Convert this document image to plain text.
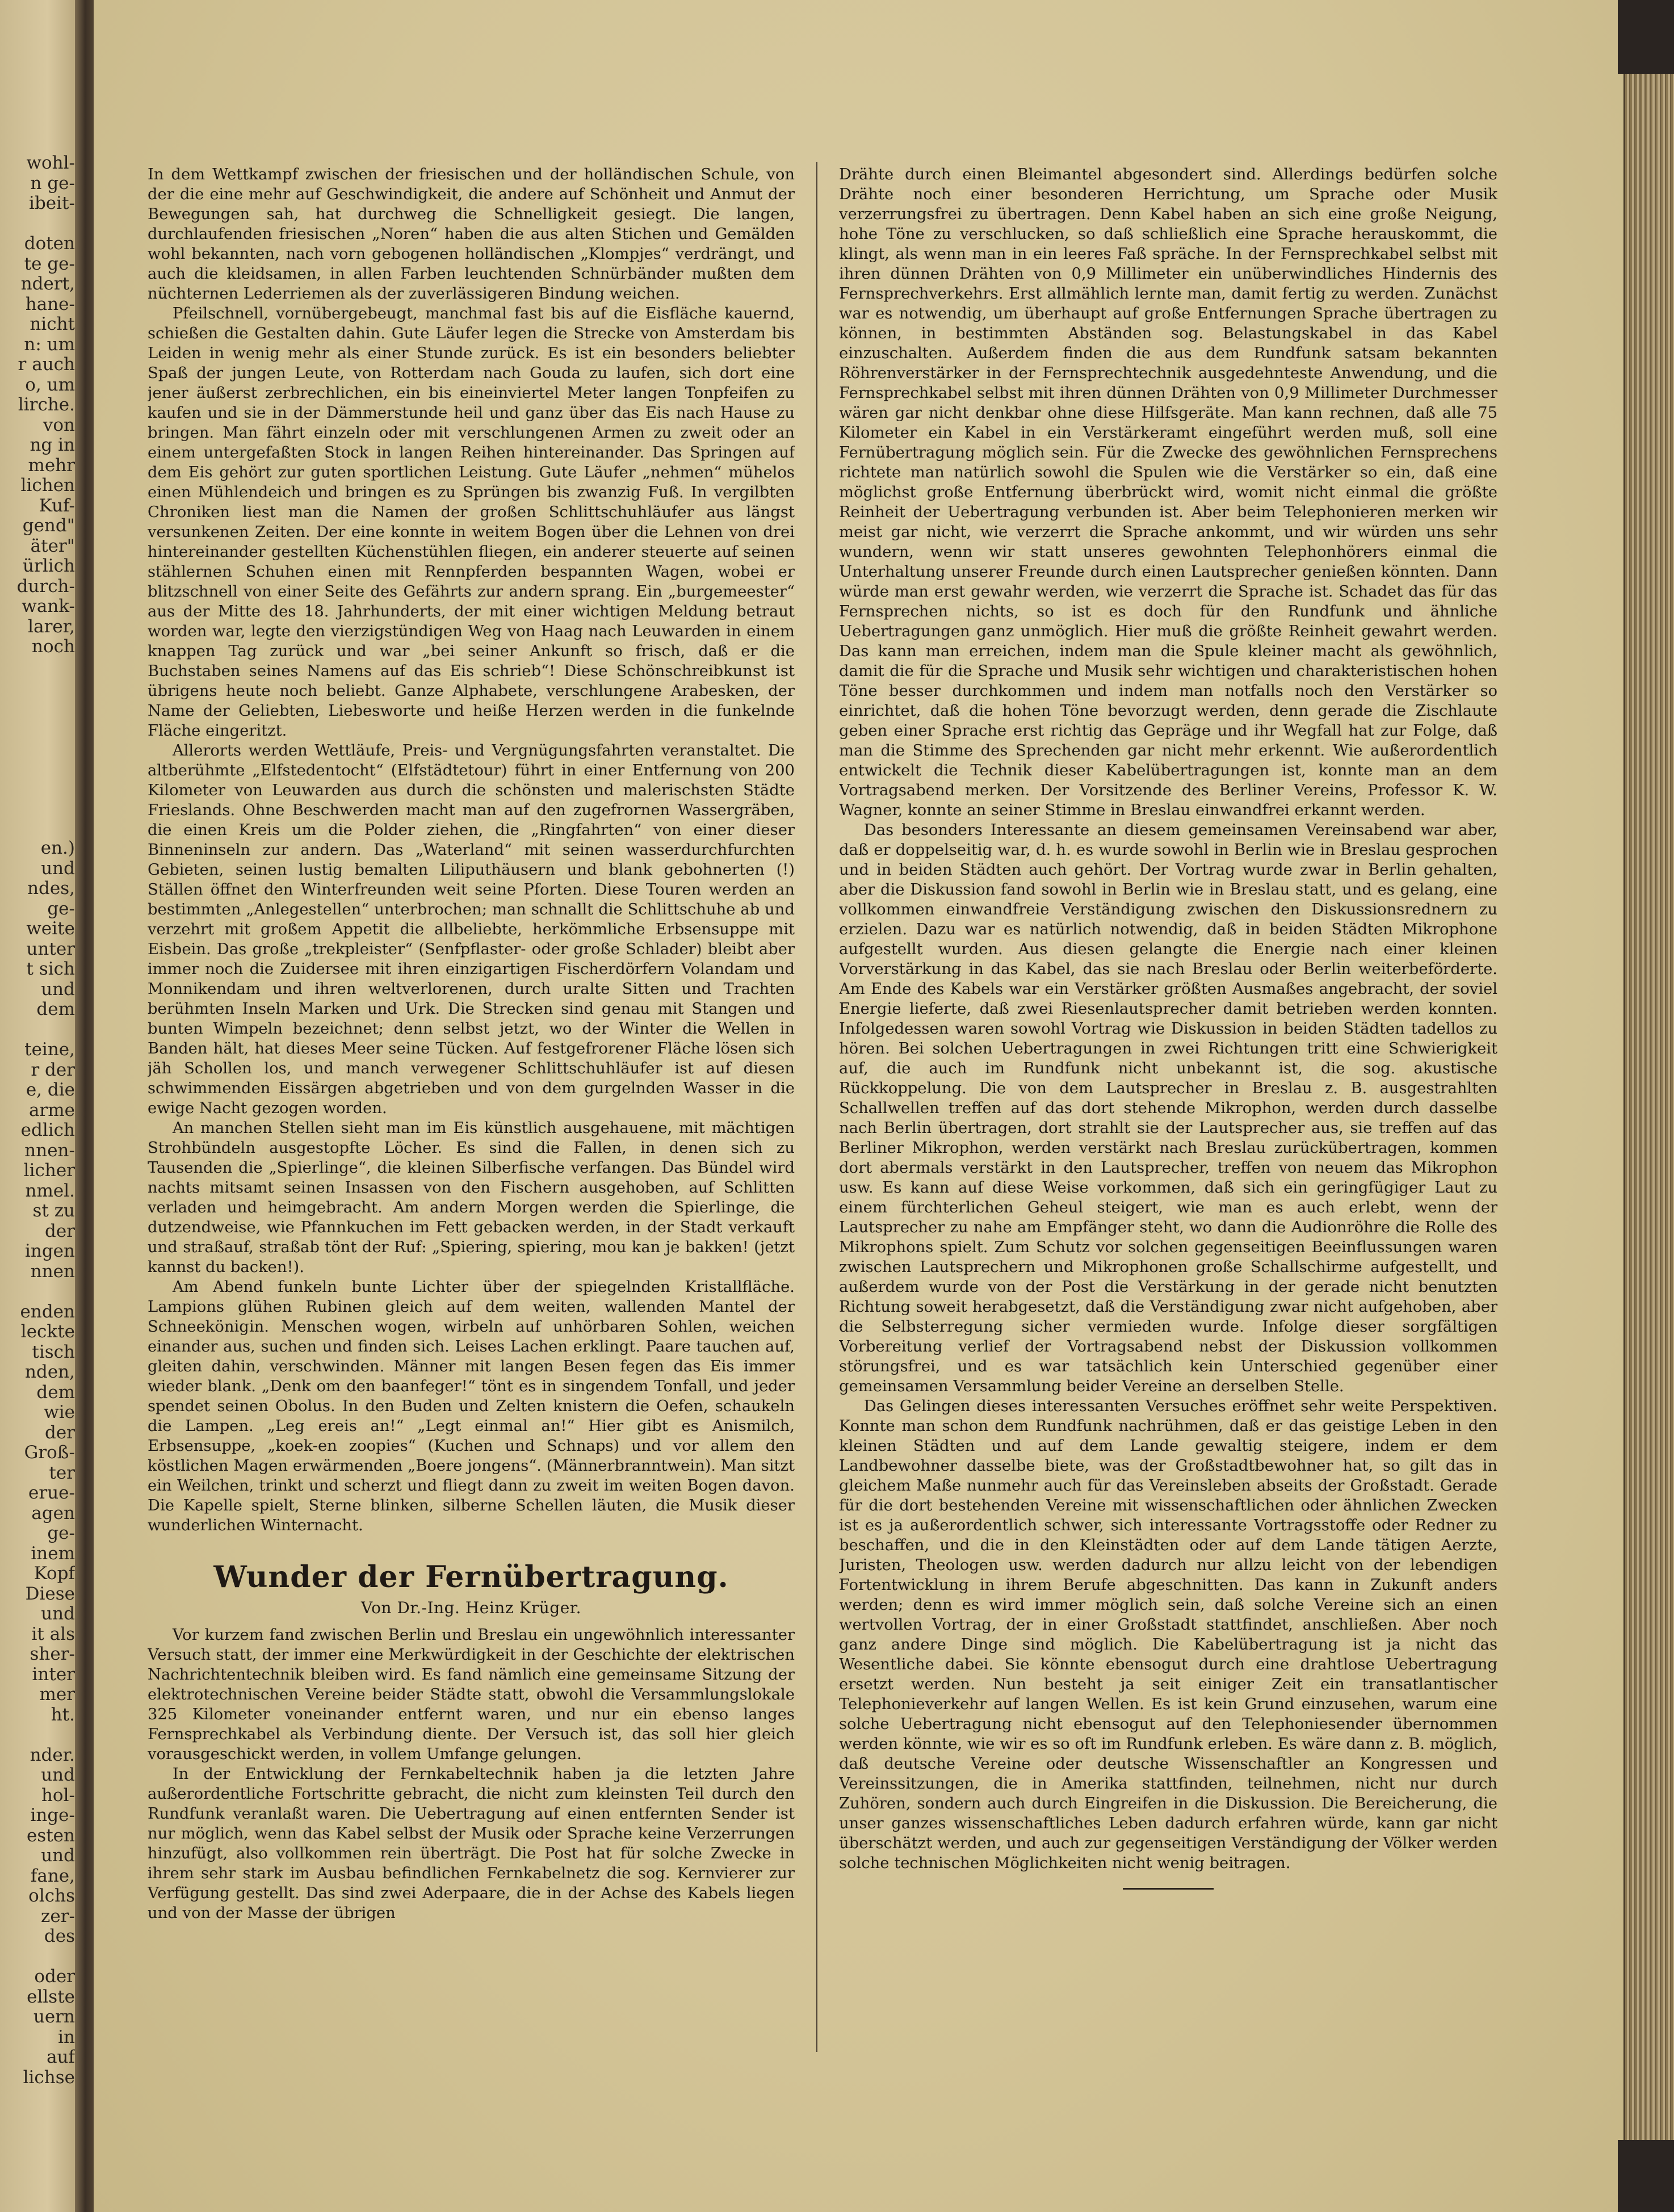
wohl-
n ge-
ibeit-

doten
te ge-
ndert,
hane-
nicht
n: um
r auch
o, um
lirche.
von
ng in
mehr
lichen
Kuf-
gend"
äter"
ürlich
durch-
wank-
larer,
noch

en.)
und
ndes,
ge-
weite
unter
t sich
und
dem

teine,
r der
e, die
arme
edlich
nnen-
licher
nmel.
st zu
der
ingen
nnen

enden
leckte
tisch
nden,
dem
wie
der
Groß-
ter
erue-
agen
ge-
inem
Kopf
Diese
und
it als
sher-
inter
mer
ht.

nder.
und
hol-
inge-
esten
und
fane,
olchs
zer-
des

oder
ellste
uern
in
auf
lichse

In dem Wettkampf zwischen der friesischen und der holländischen Schule, von der die eine mehr auf Geschwindigkeit, die andere auf Schönheit und Anmut der Bewegungen sah, hat durchweg die Schnelligkeit gesiegt. Die langen, durchlaufenden friesischen „Noren“ haben die aus alten Stichen und Gemälden wohl bekannten, nach vorn gebogenen holländischen „Klompjes“ verdrängt, und auch die kleidsamen, in allen Farben leuchtenden Schnürbänder mußten dem nüchternen Lederriemen als der zuverlässigeren Bindung weichen.

Pfeilschnell, vornübergebeugt, manchmal fast bis auf die Eisfläche kauernd, schießen die Gestalten dahin. Gute Läufer legen die Strecke von Amsterdam bis Leiden in wenig mehr als einer Stunde zurück. Es ist ein besonders beliebter Spaß der jungen Leute, von Rotterdam nach Gouda zu laufen, sich dort eine jener äußerst zerbrechlichen, ein bis eineinviertel Meter langen Tonpfeifen zu kaufen und sie in der Dämmerstunde heil und ganz über das Eis nach Hause zu bringen. Man fährt einzeln oder mit verschlungenen Armen zu zweit oder an einem untergefaßten Stock in langen Reihen hintereinander. Das Springen auf dem Eis gehört zur guten sportlichen Leistung. Gute Läufer „nehmen“ mühelos einen Mühlendeich und bringen es zu Sprüngen bis zwanzig Fuß. In vergilbten Chroniken liest man die Namen der großen Schlittschuhläufer aus längst versunkenen Zeiten. Der eine konnte in weitem Bogen über die Lehnen von drei hintereinander gestellten Küchenstühlen fliegen, ein anderer steuerte auf seinen stählernen Schuhen einen mit Rennpferden bespannten Wagen, wobei er blitzschnell von einer Seite des Gefährts zur andern sprang. Ein „burgemeester“ aus der Mitte des 18. Jahrhunderts, der mit einer wichtigen Meldung betraut worden war, legte den vierzigstündigen Weg von Haag nach Leuwarden in einem knappen Tag zurück und war „bei seiner Ankunft so frisch, daß er die Buchstaben seines Namens auf das Eis schrieb“! Diese Schönschreibkunst ist übrigens heute noch beliebt. Ganze Alphabete, verschlungene Arabesken, der Name der Geliebten, Liebesworte und heiße Herzen werden in die funkelnde Fläche eingeritzt.

Allerorts werden Wettläufe, Preis- und Vergnügungsfahrten veranstaltet. Die altberühmte „Elfstedentocht“ (Elfstädtetour) führt in einer Entfernung von 200 Kilometer von Leuwarden aus durch die schönsten und malerischsten Städte Frieslands. Ohne Beschwerden macht man auf den zugefrornen Wassergräben, die einen Kreis um die Polder ziehen, die „Ringfahrten“ von einer dieser Binneninseln zur andern. Das „Waterland“ mit seinen wasserdurchfurchten Gebieten, seinen lustig bemalten Liliputhäusern und blank gebohnerten (!) Ställen öffnet den Winterfreunden weit seine Pforten. Diese Touren werden an bestimmten „Anlegestellen“ unterbrochen; man schnallt die Schlittschuhe ab und verzehrt mit großem Appetit die allbeliebte, herkömmliche Erbsensuppe mit Eisbein. Das große „trekpleister“ (Senfpflaster- oder große Schlader) bleibt aber immer noch die Zuidersee mit ihren einzigartigen Fischerdörfern Volandam und Monnikendam und ihren weltverlorenen, durch uralte Sitten und Trachten berühmten Inseln Marken und Urk. Die Strecken sind genau mit Stangen und bunten Wimpeln bezeichnet; denn selbst jetzt, wo der Winter die Wellen in Banden hält, hat dieses Meer seine Tücken. Auf festgefrorener Fläche lösen sich jäh Schollen los, und manch verwegener Schlittschuhläufer ist auf diesen schwimmenden Eissärgen abgetrieben und von dem gurgelnden Wasser in die ewige Nacht gezogen worden.

An manchen Stellen sieht man im Eis künstlich ausgehauene, mit mächtigen Strohbündeln ausgestopfte Löcher. Es sind die Fallen, in denen sich zu Tausenden die „Spierlinge“, die kleinen Silberfische verfangen. Das Bündel wird nachts mitsamt seinen Insassen von den Fischern ausgehoben, auf Schlitten verladen und heimgebracht. Am andern Morgen werden die Spierlinge, die dutzendweise, wie Pfannkuchen im Fett gebacken werden, in der Stadt verkauft und straßauf, straßab tönt der Ruf: „Spiering, spiering, mou kan je bakken! (jetzt kannst du backen!).

Am Abend funkeln bunte Lichter über der spiegelnden Kristallfläche. Lampions glühen Rubinen gleich auf dem weiten, wallenden Mantel der Schneekönigin. Menschen wogen, wirbeln auf unhörbaren Sohlen, weichen einander aus, suchen und finden sich. Leises Lachen erklingt. Paare tauchen auf, gleiten dahin, verschwinden. Männer mit langen Besen fegen das Eis immer wieder blank. „Denk om den baanfeger!“ tönt es in singendem Tonfall, und jeder spendet seinen Obolus. In den Buden und Zelten knistern die Oefen, schaukeln die Lampen. „Leg ereis an!“ „Legt einmal an!“ Hier gibt es Anismilch, Erbsensuppe, „koek-en zoopies“ (Kuchen und Schnaps) und vor allem den köstlichen Magen erwärmenden „Boere jongens“. (Männerbranntwein). Man sitzt ein Weilchen, trinkt und scherzt und fliegt dann zu zweit im weiten Bogen davon. Die Kapelle spielt, Sterne blinken, silberne Schellen läuten, die Musik dieser wunderlichen Winternacht.

Wunder der Fernübertragung.

Von Dr.-Ing. Heinz Krüger.

Vor kurzem fand zwischen Berlin und Breslau ein ungewöhnlich interessanter Versuch statt, der immer eine Merkwürdigkeit in der Geschichte der elektrischen Nachrichtentechnik bleiben wird. Es fand nämlich eine gemeinsame Sitzung der elektrotechnischen Vereine beider Städte statt, obwohl die Versammlungslokale 325 Kilometer voneinander entfernt waren, und nur ein ebenso langes Fernsprechkabel als Verbindung diente. Der Versuch ist, das soll hier gleich vorausgeschickt werden, in vollem Umfange gelungen.

In der Entwicklung der Fernkabeltechnik haben ja die letzten Jahre außerordentliche Fortschritte gebracht, die nicht zum kleinsten Teil durch den Rundfunk veranlaßt waren. Die Uebertragung auf einen entfernten Sender ist nur möglich, wenn das Kabel selbst der Musik oder Sprache keine Verzerrungen hinzufügt, also vollkommen rein überträgt. Die Post hat für solche Zwecke in ihrem sehr stark im Ausbau befindlichen Fernkabelnetz die sog. Kernvierer zur Verfügung gestellt. Das sind zwei Aderpaare, die in der Achse des Kabels liegen und von der Masse der übrigen

Drähte durch einen Bleimantel abgesondert sind. Allerdings bedürfen solche Drähte noch einer besonderen Herrichtung, um Sprache oder Musik verzerrungsfrei zu übertragen. Denn Kabel haben an sich eine große Neigung, hohe Töne zu verschlucken, so daß schließlich eine Sprache herauskommt, die klingt, als wenn man in ein leeres Faß spräche. In der Fernsprechkabel selbst mit ihren dünnen Drähten von 0,9 Millimeter ein unüberwindliches Hindernis des Fernsprechverkehrs. Erst allmählich lernte man, damit fertig zu werden. Zunächst war es notwendig, um überhaupt auf große Entfernungen Sprache übertragen zu können, in bestimmten Abständen sog. Belastungskabel in das Kabel einzuschalten. Außerdem finden die aus dem Rundfunk satsam bekannten Röhrenverstärker in der Fernsprechtechnik ausgedehnteste Anwendung, und die Fernsprechkabel selbst mit ihren dünnen Drähten von 0,9 Millimeter Durchmesser wären gar nicht denkbar ohne diese Hilfsgeräte. Man kann rechnen, daß alle 75 Kilometer ein Kabel in ein Verstärkeramt eingeführt werden muß, soll eine Fernübertragung möglich sein. Für die Zwecke des gewöhnlichen Fernsprechens richtete man natürlich sowohl die Spulen wie die Verstärker so ein, daß eine möglichst große Entfernung überbrückt wird, womit nicht einmal die größte Reinheit der Uebertragung verbunden ist. Aber beim Telephonieren merken wir meist gar nicht, wie verzerrt die Sprache ankommt, und wir würden uns sehr wundern, wenn wir statt unseres gewohnten Telephonhörers einmal die Unterhaltung unserer Freunde durch einen Lautsprecher genießen könnten. Dann würde man erst gewahr werden, wie verzerrt die Sprache ist. Schadet das für das Fernsprechen nichts, so ist es doch für den Rundfunk und ähnliche Uebertragungen ganz unmöglich. Hier muß die größte Reinheit gewahrt werden. Das kann man erreichen, indem man die Spule kleiner macht als gewöhnlich, damit die für die Sprache und Musik sehr wichtigen und charakteristischen hohen Töne besser durchkommen und indem man notfalls noch den Verstärker so einrichtet, daß die hohen Töne bevorzugt werden, denn gerade die Zischlaute geben einer Sprache erst richtig das Gepräge und ihr Wegfall hat zur Folge, daß man die Stimme des Sprechenden gar nicht mehr erkennt. Wie außerordentlich entwickelt die Technik dieser Kabelübertragungen ist, konnte man an dem Vortragsabend merken. Der Vorsitzende des Berliner Vereins, Professor K. W. Wagner, konnte an seiner Stimme in Breslau einwandfrei erkannt werden.

Das besonders Interessante an diesem gemeinsamen Vereinsabend war aber, daß er doppelseitig war, d. h. es wurde sowohl in Berlin wie in Breslau gesprochen und in beiden Städten auch gehört. Der Vortrag wurde zwar in Berlin gehalten, aber die Diskussion fand sowohl in Berlin wie in Breslau statt, und es gelang, eine vollkommen einwandfreie Verständigung zwischen den Diskussionsrednern zu erzielen. Dazu war es natürlich notwendig, daß in beiden Städten Mikrophone aufgestellt wurden. Aus diesen gelangte die Energie nach einer kleinen Vorverstärkung in das Kabel, das sie nach Breslau oder Berlin weiterbeförderte. Am Ende des Kabels war ein Verstärker größten Ausmaßes angebracht, der soviel Energie lieferte, daß zwei Riesenlautsprecher damit betrieben werden konnten. Infolgedessen waren sowohl Vortrag wie Diskussion in beiden Städten tadellos zu hören. Bei solchen Uebertragungen in zwei Richtungen tritt eine Schwierigkeit auf, die auch im Rundfunk nicht unbekannt ist, die sog. akustische Rückkoppelung. Die von dem Lautsprecher in Breslau z. B. ausgestrahlten Schallwellen treffen auf das dort stehende Mikrophon, werden durch dasselbe nach Berlin übertragen, dort strahlt sie der Lautsprecher aus, sie treffen auf das Berliner Mikrophon, werden verstärkt nach Breslau zurückübertragen, kommen dort abermals verstärkt in den Lautsprecher, treffen von neuem das Mikrophon usw. Es kann auf diese Weise vorkommen, daß sich ein geringfügiger Laut zu einem fürchterlichen Geheul steigert, wie man es auch erlebt, wenn der Lautsprecher zu nahe am Empfänger steht, wo dann die Audionröhre die Rolle des Mikrophons spielt. Zum Schutz vor solchen gegenseitigen Beeinflussungen waren zwischen Lautsprechern und Mikrophonen große Schallschirme aufgestellt, und außerdem wurde von der Post die Verstärkung in der gerade nicht benutzten Richtung soweit herabgesetzt, daß die Verständigung zwar nicht aufgehoben, aber die Selbsterregung sicher vermieden wurde. Infolge dieser sorgfältigen Vorbereitung verlief der Vortragsabend nebst der Diskussion vollkommen störungsfrei, und es war tatsächlich kein Unterschied gegenüber einer gemeinsamen Versammlung beider Vereine an derselben Stelle.

Das Gelingen dieses interessanten Versuches eröffnet sehr weite Perspektiven. Konnte man schon dem Rundfunk nachrühmen, daß er das geistige Leben in den kleinen Städten und auf dem Lande gewaltig steigere, indem er dem Landbewohner dasselbe biete, was der Großstadtbewohner hat, so gilt das in gleichem Maße nunmehr auch für das Vereinsleben abseits der Großstadt. Gerade für die dort bestehenden Vereine mit wissenschaftlichen oder ähnlichen Zwecken ist es ja außerordentlich schwer, sich interessante Vortragsstoffe oder Redner zu beschaffen, und die in den Kleinstädten oder auf dem Lande tätigen Aerzte, Juristen, Theologen usw. werden dadurch nur allzu leicht von der lebendigen Fortentwicklung in ihrem Berufe abgeschnitten. Das kann in Zukunft anders werden; denn es wird immer möglich sein, daß solche Vereine sich an einen wertvollen Vortrag, der in einer Großstadt stattfindet, anschließen. Aber noch ganz andere Dinge sind möglich. Die Kabelübertragung ist ja nicht das Wesentliche dabei. Sie könnte ebensogut durch eine drahtlose Uebertragung ersetzt werden. Nun besteht ja seit einiger Zeit ein transatlantischer Telephonieverkehr auf langen Wellen. Es ist kein Grund einzusehen, warum eine solche Uebertragung nicht ebensogut auf den Telephoniesender übernommen werden könnte, wie wir es so oft im Rundfunk erleben. Es wäre dann z. B. möglich, daß deutsche Vereine oder deutsche Wissenschaftler an Kongressen und Vereinssitzungen, die in Amerika stattfinden, teilnehmen, nicht nur durch Zuhören, sondern auch durch Eingreifen in die Diskussion. Die Bereicherung, die unser ganzes wissenschaftliches Leben dadurch erfahren würde, kann gar nicht überschätzt werden, und auch zur gegenseitigen Verständigung der Völker werden solche technischen Möglichkeiten nicht wenig beitragen.
